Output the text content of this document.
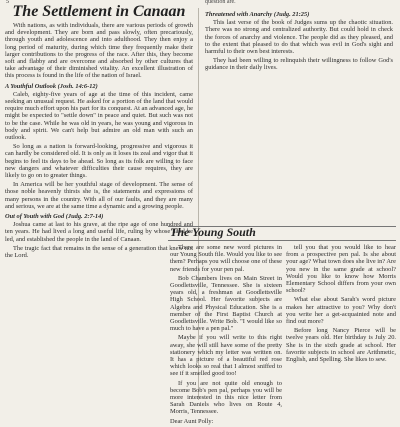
5	question are.
The Settlement in Canaan

With nations, as with individuals, there are various periods of growth and development. They are born and pass slowly, often precariously, through youth and adolescence and into adulthood. They then enjoy a long period of maturity, during which time they frequently make their larger contributions to the progress of the race. After this, they become soft and flabby and are overcome and absorbed by other cultures that take advantage of their diminished vitality. An excellent illustration of this process is found in the life of the nation of Israel.

A Youthful Outlook (Josh. 14:6-12)

Caleb, eighty-five years of age at the time of this incident, came seeking an unusual request. He asked for a portion of the land that would require much effort upon his part for its conquest. At an advanced age, he might be expected to "settle down" in peace and quiet. But such was not to be the case. While he was old in years, he was young and vigorous in body and spirit. We can't help but admire an old man with such an outlook.

So long as a nation is forward-looking, progressive and vigorous it can hardly be considered old. It is only as it loses its zeal and vigor that it begins to feel its days to be ahead. So long as its folk are willing to face new dangers and whatever difficulties their cause requires, they are likely to go on to greater things.

In America will be her youthful stage of development. The sense of those noble heavenly thirsts she is, the statements and expressions of many persons in the country. With all of our faults, and they are many and serious, we are at the same time a dynamic and a growing people.

Out of Youth with God (Judg. 2:7-14)

Joshua came at last to his grave, at the ripe age of one hundred and ten years. He had lived a long and useful life, ruling by whose hand he led, and established the people in the land of Canaan.

The tragic fact that remains in the sense of a generation that knew not the Lord.

Threatened with Anarchy (Judg. 21:25)

This last verse of the book of Judges sums up the chaotic situation. There was no strong and centralized authority. But could hold in check the forces of anarchy and violence. The people did as they pleased, and to the extent that pleased to do that which was evil in God's sight and harmful to their own best interests.

They had been willing to relinquish their willingness to follow God's guidance in their daily lives.

The Young South

There are some new word pictures in our Young South file. Would you like to see them? Perhaps you will choose one of these new friends for your pen pal.

Bob Chambers lives on Main Street in Goodlettsville, Tennessee. She is sixteen years old, a freshman at Goodlettsville High School. Her favorite subjects are Algebra and Physical Education. She is a member of the First Baptist Church at Goodlettsville. Write Bob. "I would like so much to have a pen pal."

Maybe if you will write to this right away, she will still have some of the pretty stationery which my letter was written on. It has a picture of a beautiful red rose which looks so real that I almost sniffed to see if it smelled good too!

If you are not quite old enough to become Bob's pen pal, perhaps you will be more interested in this nice letter from Sarah Daniels who lives on Route 4, Morris, Tennessee.

Dear Aunt Polly:

tell you that you would like to hear from a prospective pen pal. Is she about your age? What town does she live in? Are you new in the same grade at school? Would you like to know how Morris Elementary School differs from your own school?

What else about Sarah's word picture makes her attractive to you? Why don't you write her a get-acquainted note and find out more?

Before long Nancy Pierce will be twelve years old. Her birthday is July 20. She is in the sixth grade at school. Her favorite subjects in school are Arithmetic, English, and Spelling. She likes to sew.
